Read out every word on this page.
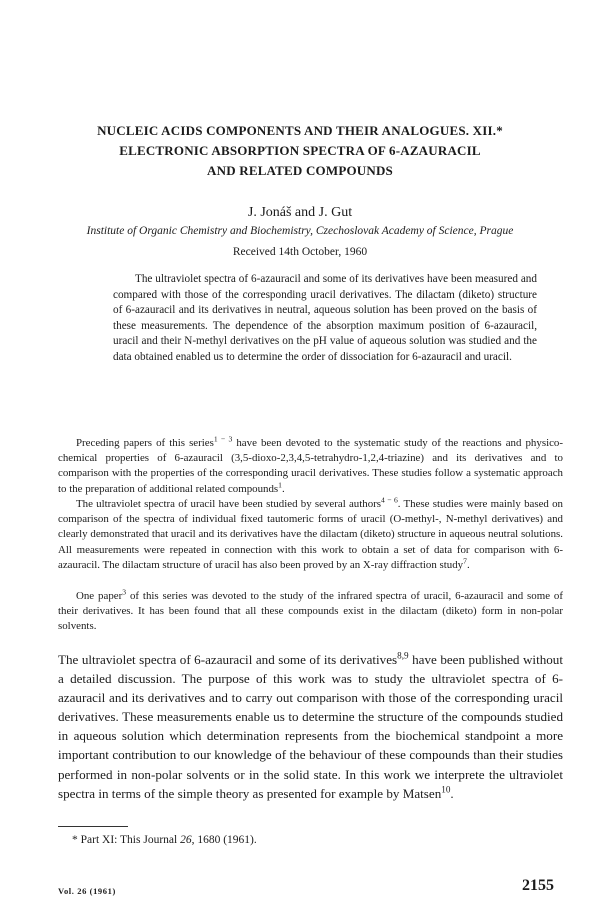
NUCLEIC ACIDS COMPONENTS AND THEIR ANALOGUES. XII.*
ELECTRONIC ABSORPTION SPECTRA OF 6-AZAURACIL
AND RELATED COMPOUNDS
J. Jonáš and J. Gut
Institute of Organic Chemistry and Biochemistry, Czechoslovak Academy of Science, Prague
Received 14th October, 1960

The ultraviolet spectra of 6-azauracil and some of its derivatives have been measured and compared with those of the corresponding uracil derivatives. The dilactam (diketo) structure of 6-azauracil and its derivatives in neutral, aqueous solution has been proved on the basis of these measurements. The dependence of the absorption maximum position of 6-azauracil, uracil and their N-methyl derivatives on the pH value of aqueous solution was studied and the data obtained enabled us to determine the order of dissociation for 6-azauracil and uracil.

Preceding papers of this series$^{1 - 3}$ have been devoted to the systematic study of the reactions and physico-chemical properties of 6-azauracil (3,5-dioxo-2,3,4,5-tetrahydro-1,2,4-triazine) and its derivatives and to comparison with the properties of the corresponding uracil derivatives. These studies follow a systematic approach to the preparation of additional related compounds$^1$.

The ultraviolet spectra of uracil have been studied by several authors$^{4 - 6}$. These studies were mainly based on comparison of the spectra of individual fixed tautomeric forms of uracil (O-methyl-, N-methyl derivatives) and clearly demonstrated that uracil and its derivatives have the dilactam (diketo) structure in aqueous neutral solutions. All measurements were repeated in connection with this work to obtain a set of data for comparison with 6-azauracil. The dilactam structure of uracil has also been proved by an X-ray diffraction study$^7$.

One paper$^3$ of this series was devoted to the study of the infrared spectra of uracil, 6-azauracil and some of their derivatives. It has been found that all these compounds exist in the dilactam (diketo) form in non-polar solvents.

The ultraviolet spectra of 6-azauracil and some of its derivatives$^{8,9}$ have been published without a detailed discussion. The purpose of this work was to study the ultraviolet spectra of 6-azauracil and its derivatives and to carry out comparison with those of the corresponding uracil derivatives. These measurements enable us to determine the structure of the compounds studied in aqueous solution which determination represents from the biochemical standpoint a more important contribution to our knowledge of the behaviour of these compounds than their studies performed in non-polar solvents or in the solid state. In this work we interprete the ultraviolet spectra in terms of the simple theory as presented for example by Matsen$^{10}$.

* Part XI: This Journal 26, 1680 (1961).
Vol. 26 (1961)	2155
